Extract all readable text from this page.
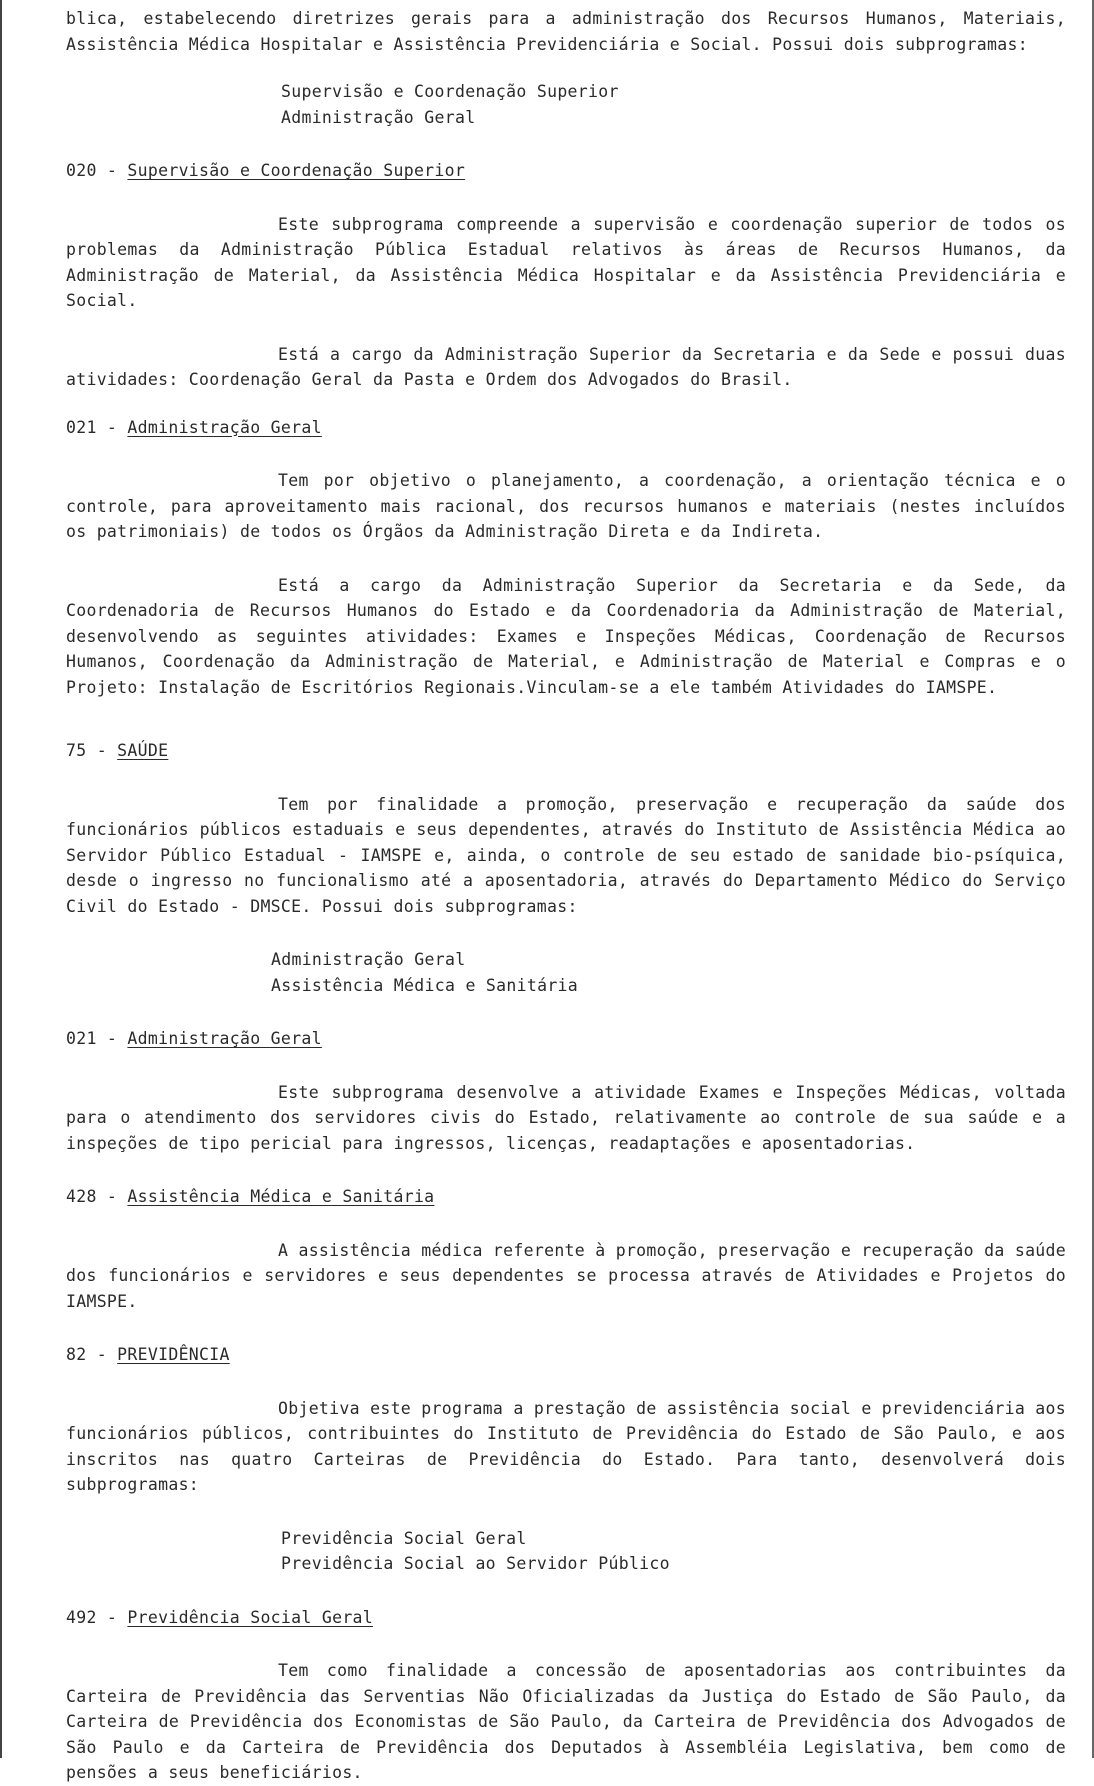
blica, estabelecendo diretrizes gerais para a administração dos Recursos Humanos, Materiais, Assistência Médica Hospitalar e Assistência Previdenciária e Social. Possui dois subprogramas:

Supervisão e Coordenação Superior
Administração Geral
020 - Supervisão e Coordenação Superior

Este subprograma compreende a supervisão e coordenação superior de todos os problemas da Administração Pública Estadual relativos às áreas de Recursos Humanos, da Administração de Material, da Assistência Médica Hospitalar e da Assistência Previdenciária e Social.

Está a cargo da Administração Superior da Secretaria e da Sede e possui duas atividades: Coordenação Geral da Pasta e Ordem dos Advogados do Brasil.

021 - Administração Geral

Tem por objetivo o planejamento, a coordenação, a orientação técnica e o controle, para aproveitamento mais racional, dos recursos humanos e materiais (nestes incluídos os patrimoniais) de todos os Órgãos da Administração Direta e da Indireta.

Está a cargo da Administração Superior da Secretaria e da Sede, da Coordenadoria de Recursos Humanos do Estado e da Coordenadoria da Administração de Material, desenvolvendo as seguintes atividades: Exames e Inspeções Médicas, Coordenação de Recursos Humanos, Coordenação da Administração de Material, e Administração de Material e Compras e o Projeto: Instalação de Escritórios Regionais.Vinculam-se a ele também Atividades do IAMSPE.

75 - SAÚDE

Tem por finalidade a promoção, preservação e recuperação da saúde dos funcionários públicos estaduais e seus dependentes, através do Instituto de Assistência Médica ao Servidor Público Estadual - IAMSPE e, ainda, o controle de seu estado de sanidade bio-psíquica, desde o ingresso no funcionalismo até a aposentadoria, através do Departamento Médico do Serviço Civil do Estado - DMSCE. Possui dois subprogramas:

Administração Geral
Assistência Médica e Sanitária
021 - Administração Geral

Este subprograma desenvolve a atividade Exames e Inspeções Médicas, voltada para o atendimento dos servidores civis do Estado, relativamente ao controle de sua saúde e a inspeções de tipo pericial para ingressos, licenças, readaptações e aposentadorias.

428 - Assistência Médica e Sanitária

A assistência médica referente à promoção, preservação e recuperação da saúde dos funcionários e servidores e seus dependentes se processa através de Atividades e Projetos do IAMSPE.

82 - PREVIDÊNCIA

Objetiva este programa a prestação de assistência social e previdenciária aos funcionários públicos, contribuintes do Instituto de Previdência do Estado de São Paulo, e aos inscritos nas quatro Carteiras de Previdência do Estado. Para tanto, desenvolverá dois subprogramas:

Previdência Social Geral
Previdência Social ao Servidor Público
492 - Previdência Social Geral

Tem como finalidade a concessão de aposentadorias aos contribuintes da Carteira de Previdência das Serventias Não Oficializadas da Justiça do Estado de São Paulo, da Carteira de Previdência dos Economistas de São Paulo, da Carteira de Previdência dos Advogados de São Paulo e da Carteira de Previdência dos Deputados à Assembléia Legislativa, bem como de pensões a seus beneficiários.
